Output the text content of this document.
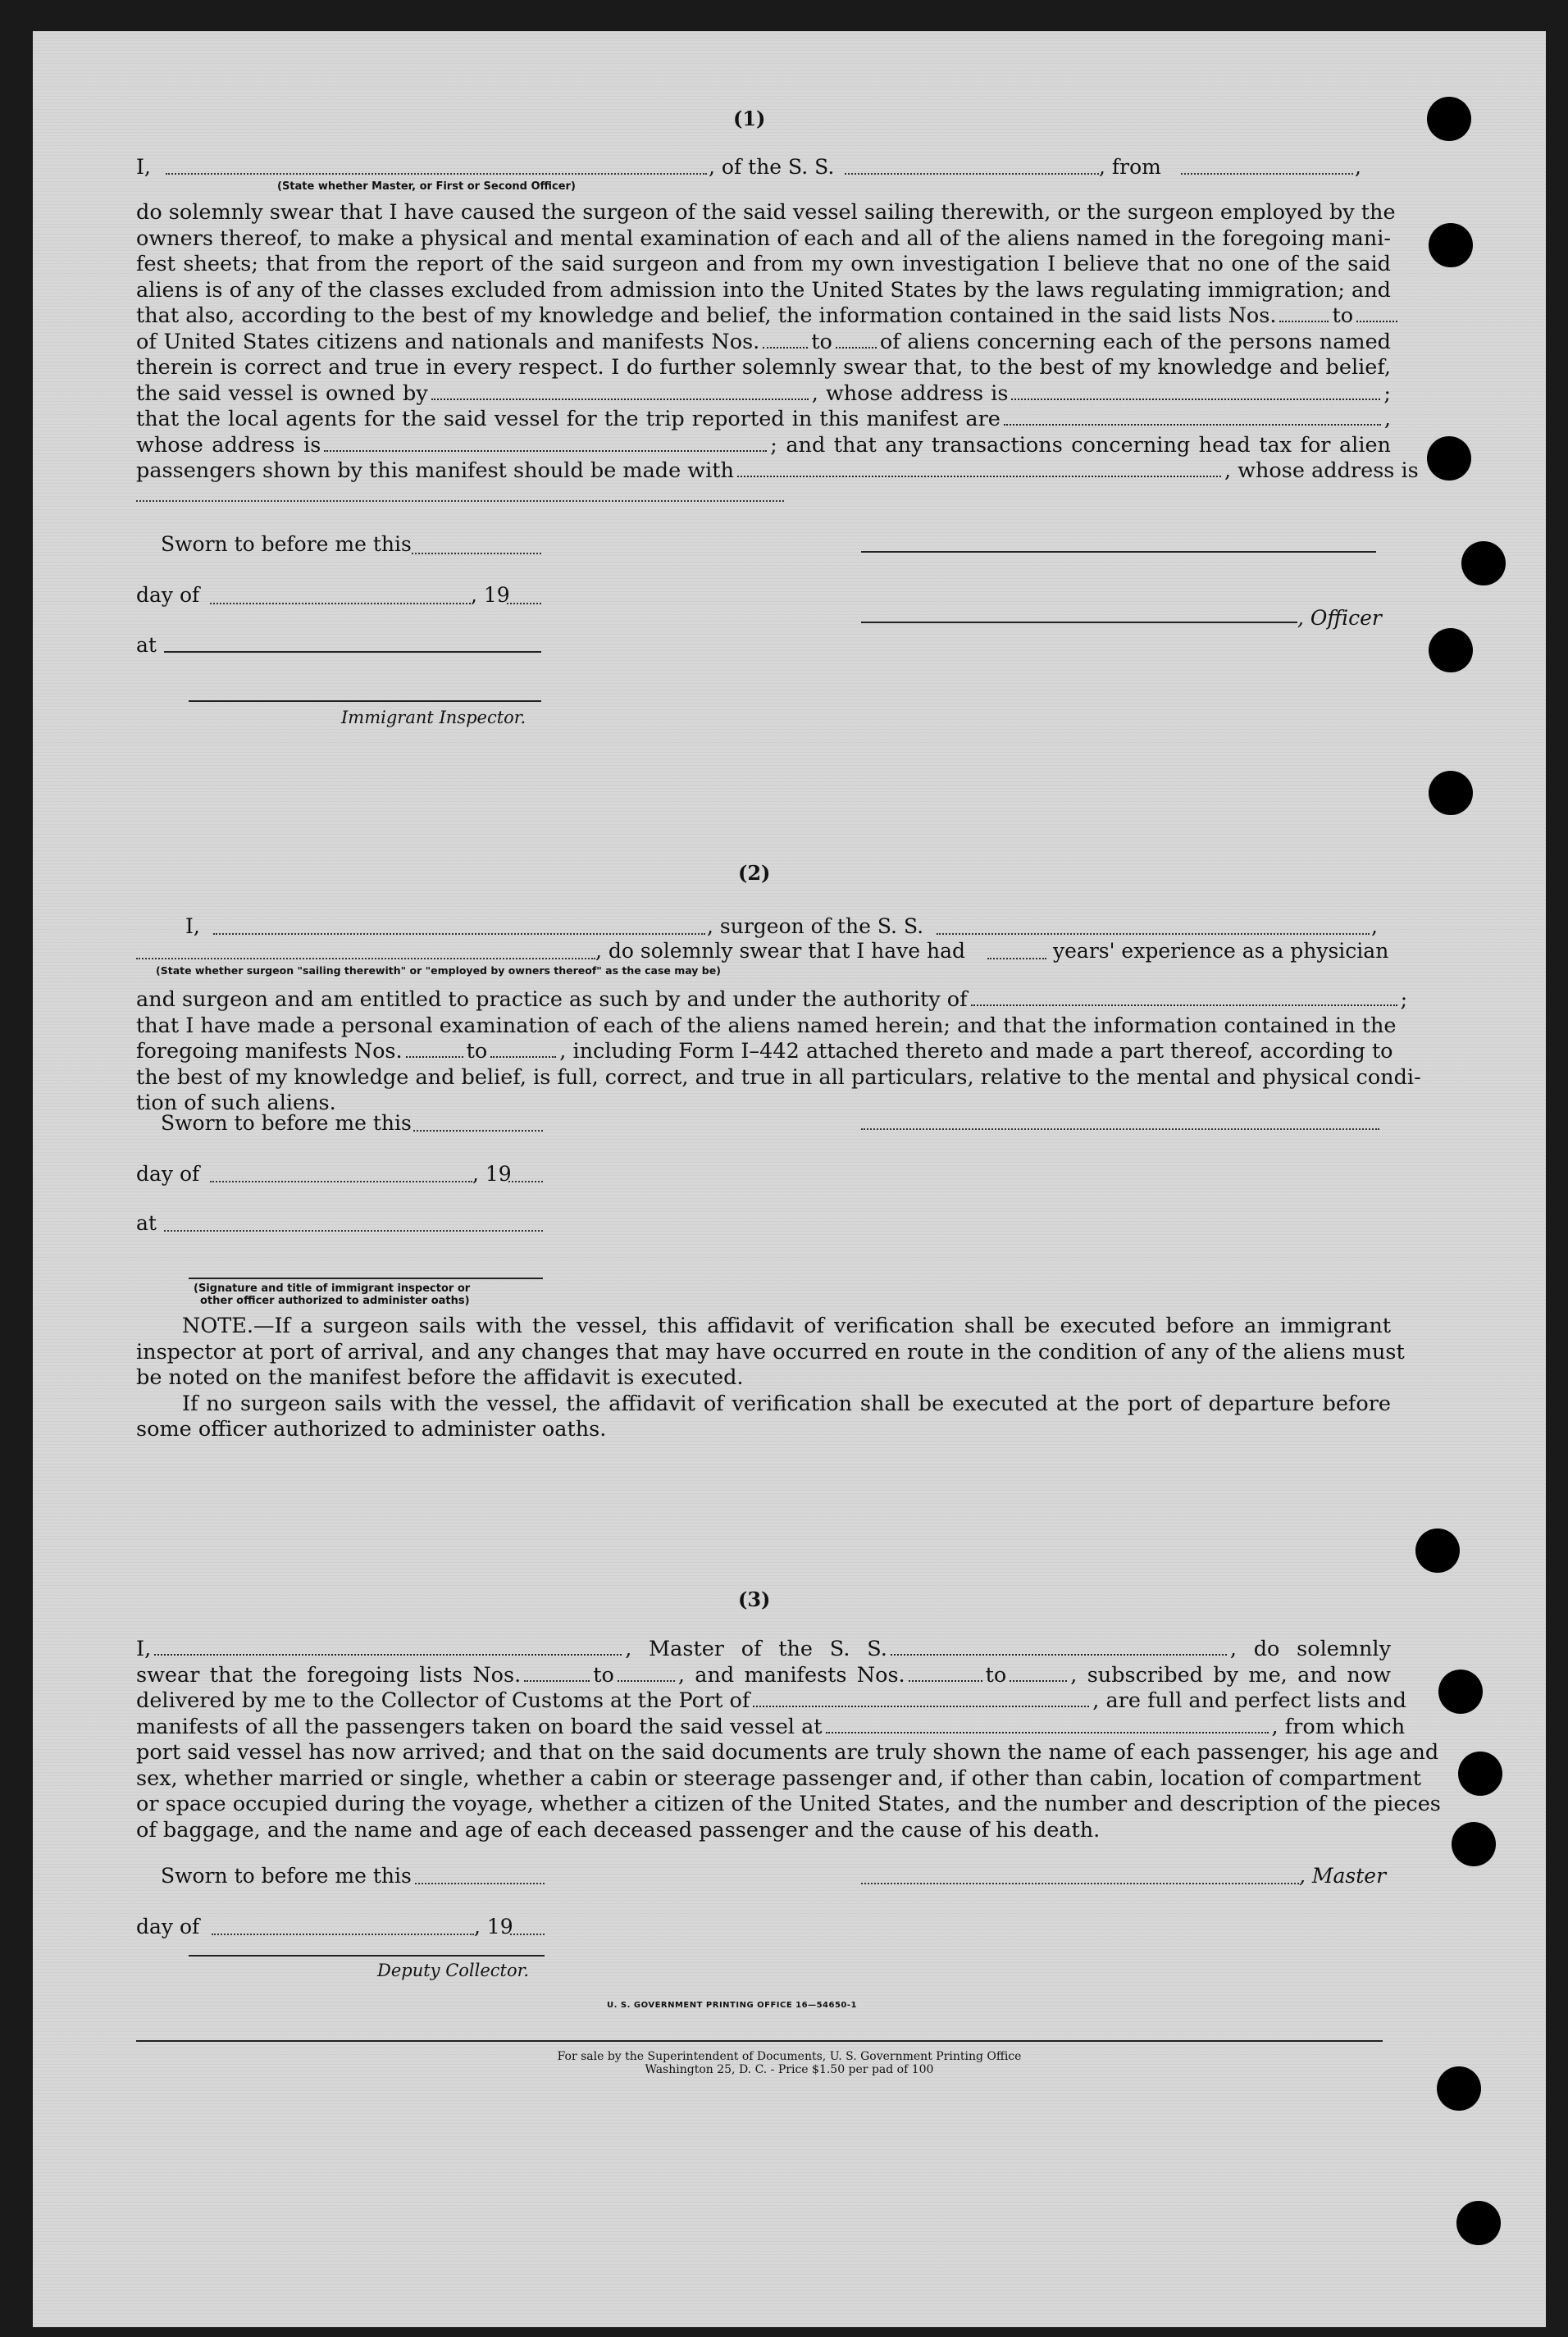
(1)
I,	, of the S. S.	, from	,
(State whether Master, or First or Second Officer)
do solemnly swear that I have caused the surgeon of the said vessel sailing therewith, or the surgeon employed by the
owners thereof, to make a physical and mental examination of each and all of the aliens named in the foregoing mani-
fest sheets; that from the report of the said surgeon and from my own investigation I believe that no one of the said
aliens is of any of the classes excluded from admission into the United States by the laws regulating immigration; and
that also, according to the best of my knowledge and belief, the information contained in the said lists Nos.	to
of United States citizens and nationals and manifests Nos. to of aliens concerning each of the persons named
therein is correct and true in every respect. I do further solemnly swear that, to the best of my knowledge and belief,
the said vessel is owned by	, whose address is	;
that the local agents for the said vessel for the trip reported in this manifest are	,
whose address is	; and that any transactions concerning head tax for alien
passengers shown by this manifest should be made with	, whose address is
Sworn to before me this
day of	, 19
, Officer
at
Immigrant Inspector.
(2)
I,	, surgeon of the S. S.	,
, do solemnly swear that I have had	years' experience as a physician
(State whether surgeon "sailing therewith" or "employed by owners thereof" as the case may be)
and surgeon and am entitled to practice as such by and under the authority of	;
that I have made a personal examination of each of the aliens named herein; and that the information contained in the
foregoing manifests Nos.	to	, including Form I–442 attached thereto and made a part thereof, according to
the best of my knowledge and belief, is full, correct, and true in all particulars, relative to the mental and physical condi-
tion of such aliens.
Sworn to before me this
day of	, 19
at
(Signature and title of immigrant inspector or
other officer authorized to administer oaths)
NOTE.—If a surgeon sails with the vessel, this affidavit of verification shall be executed before an immigrant
inspector at port of arrival, and any changes that may have occurred en route in the condition of any of the aliens must
be noted on the manifest before the affidavit is executed.
If no surgeon sails with the vessel, the affidavit of verification shall be executed at the port of departure before
some officer authorized to administer oaths.
(3)
I,	, Master of the S. S.	, do solemnly
swear that the foregoing lists Nos.	to	, and manifests Nos.	to	, subscribed by me, and now
delivered by me to the Collector of Customs at the Port of	, are full and perfect lists and
manifests of all the passengers taken on board the said vessel at	, from which
port said vessel has now arrived; and that on the said documents are truly shown the name of each passenger, his age and
sex, whether married or single, whether a cabin or steerage passenger and, if other than cabin, location of compartment
or space occupied during the voyage, whether a citizen of the United States, and the number and description of the pieces
of baggage, and the name and age of each deceased passenger and the cause of his death.
Sworn to before me this	, Master
day of	, 19
Deputy Collector.
U. S. GOVERNMENT PRINTING OFFICE 16—54650-1
For sale by the Superintendent of Documents, U. S. Government Printing Office
Washington 25, D. C. - Price $1.50 per pad of 100
